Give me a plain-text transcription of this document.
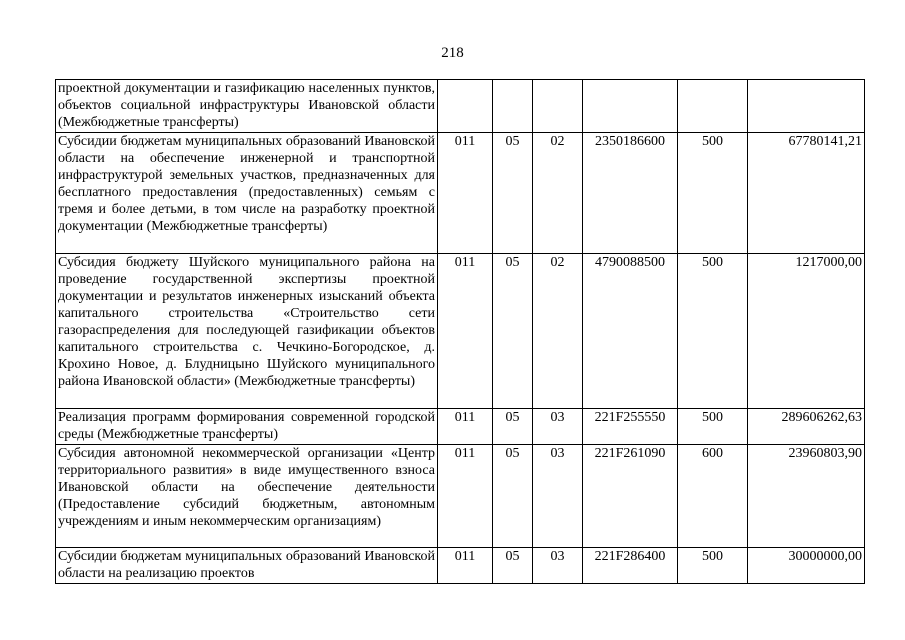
218
проектной документации и газификацию населенных пунктов, объектов социальной инфраструктуры Ивановской области (Межбюджетные трансферты)						
Субсидии бюджетам муниципальных образований Ивановской области на обеспечение инженерной и транспортной инфраструктурой земельных участков, предназначенных для бесплатного предоставления (предоставленных) семьям с тремя и более детьми, в том числе на разработку проектной документации (Межбюджетные трансферты)	011	05	02	2350186600	500	67780141,21
Субсидия бюджету Шуйского муниципального района на проведение государственной экспертизы проектной документации и результатов инженерных изысканий объекта капитального строительства «Строительство сети газораспределения для последующей газификации объектов капитального строительства с. Чечкино-Богородское, д. Крохино Новое, д. Блудницыно Шуйского муниципального района Ивановской области» (Межбюджетные трансферты)	011	05	02	4790088500	500	1217000,00
Реализация программ формирования современной городской среды (Межбюджетные трансферты)	011	05	03	221F255550	500	289606262,63
Субсидия автономной некоммерческой организации «Центр территориального развития» в виде имущественного взноса Ивановской области на обеспечение деятельности (Предоставление субсидий бюджетным, автономным учреждениям и иным некоммерческим организациям)	011	05	03	221F261090	600	23960803,90
Субсидии бюджетам муниципальных образований Ивановской области на реализацию проектов	011	05	03	221F286400	500	30000000,00
